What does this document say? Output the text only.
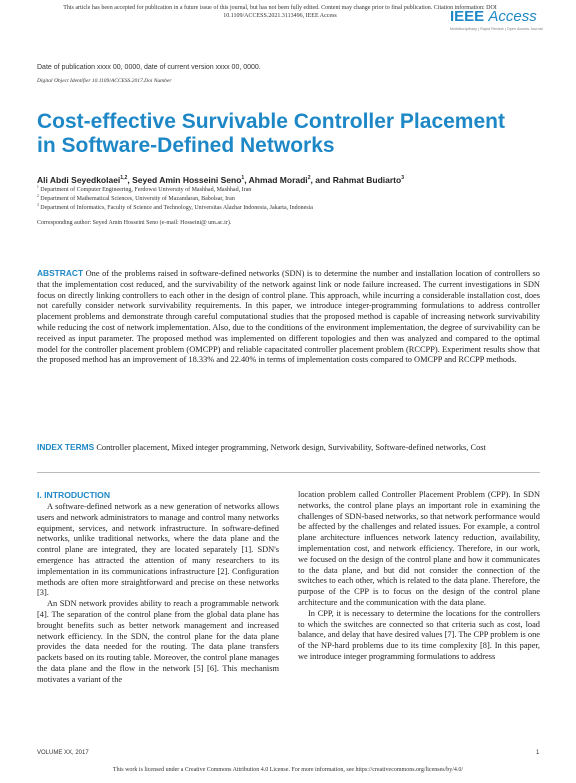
This article has been accepted for publication in a future issue of this journal, but has not been fully edited. Content may change prior to final publication. Citation information: DOI
10.1109/ACCESS.2021.3113496, IEEE Access	IEEE Access
Multidisciplinary | Rapid Review | Open Access Journal
Date of publication xxxx 00, 0000, date of current version xxxx 00, 0000.
Digital Object Identifier 10.1109/ACCESS.2017.Doi Number
Cost-effective Survivable Controller Placement
in Software-Defined Networks
Ali Abdi Seyedkolaei$^{1,2}$, Seyed Amin Hosseini Seno$^1$, Ahmad Moradi$^2$, and Rahmat Budiarto$^3$
$^1$ Department of Computer Engineering, Ferdowsi University of Mashhad, Mashhad, Iran
$^2$ Department of Mathematical Sciences, University of Mazandaran, Babolsar, Iran
$^3$ Department of Informatics, Faculty of Science and Technology, Universitas Alazhar Indonesia, Jakarta, Indonesia
Corresponding author: Seyed Amin Hosseini Seno (e-mail: Hosseini@ um.ac.ir).
ABSTRACT One of the problems raised in software-defined networks (SDN) is to determine the number and installation location of controllers so that the implementation cost reduced, and the survivability of the network against link or node failure increased. The current investigations in SDN focus on directly linking controllers to each other in the design of control plane. This approach, while incurring a considerable installation cost, does not carefully consider network survivability requirements. In this paper, we introduce integer-programming formulations to address controller placement problems and demonstrate through careful computational studies that the proposed method is capable of increasing network survivability while reducing the cost of network implementation. Also, due to the conditions of the environment implementation, the degree of survivability can be received as input parameter. The proposed method was implemented on different topologies and then was analyzed and compared to the optimal model for the controller placement problem (OMCPP) and reliable capacitated controller placement problem (RCCPP). Experiment results show that the proposed method has an improvement of 18.33% and 22.40% in terms of implementation costs compared to OMCPP and RCCPP methods.
INDEX TERMS Controller placement, Mixed integer programming, Network design, Survivability, Software-defined networks, Cost
I. INTRODUCTION

A software-defined network as a new generation of networks allows users and network administrators to manage and control many networks equipment, services, and network infrastructure. In software-defined networks, unlike traditional networks, where the data plane and the control plane are integrated, they are located separately [1]. SDN's emergence has attracted the attention of many researchers to its implementation in its communications infrastructure [2]. Configuration methods are often more straightforward and precise on these networks [3].

An SDN network provides ability to reach a programmable network [4]. The separation of the control plane from the global data plane has brought benefits such as better network management and increased network efficiency. In the SDN, the control plane for the data plane provides the data needed for the routing. The data plane transfers packets based on its routing table. Moreover, the control plane manages the data plane and the flow in the network [5] [6]. This mechanism motivates a variant of the

location problem called Controller Placement Problem (CPP). In SDN networks, the control plane plays an important role in examining the challenges of SDN-based networks, so that network performance would be affected by the challenges and related issues. For example, a control plane architecture influences network latency reduction, availability, implementation cost, and network efficiency. Therefore, in our work, we focused on the design of the control plane and how it communicates to the data plane, and but did not consider the connection of the switches to each other, which is related to the data plane. Therefore, the purpose of the CPP is to focus on the design of the control plane architecture and the communication with the data plane.

In CPP, it is necessary to determine the locations for the controllers to which the switches are connected so that criteria such as cost, load balance, and delay that have desired values [7]. The CPP problem is one of the NP-hard problems due to its time complexity [8]. In this paper, we introduce integer programming formulations to address

VOLUME XX, 2017	1
This work is licensed under a Creative Commons Attribution 4.0 License. For more information, see https://creativecommons.org/licenses/by/4.0/
